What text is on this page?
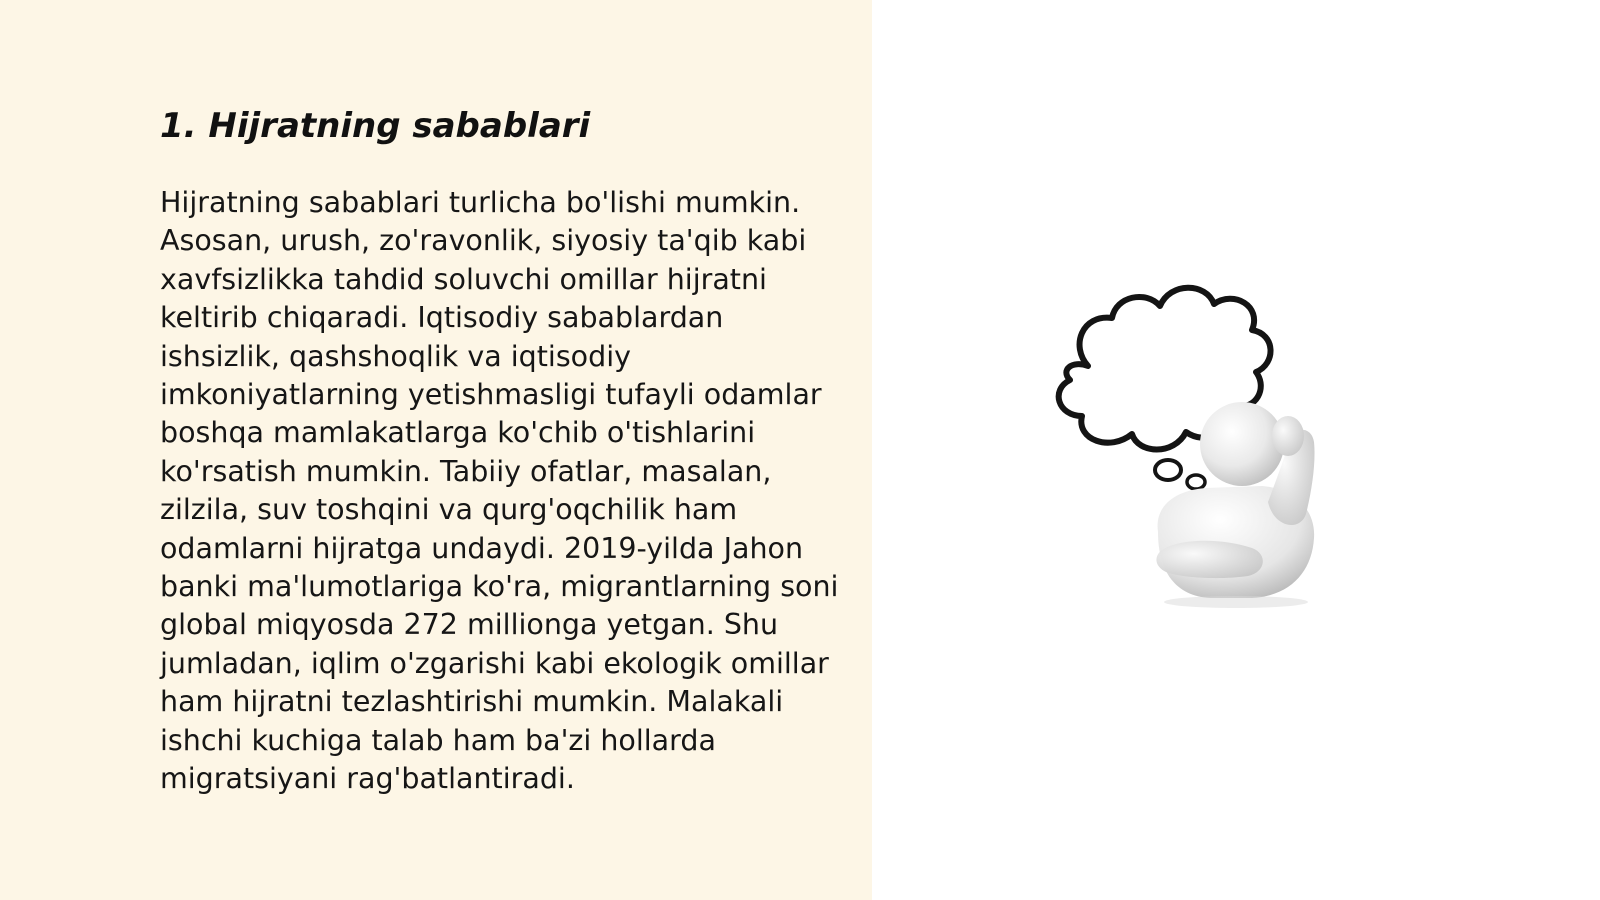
1. Hijratning sabablari

Hijratning sabablari turlicha bo'lishi mumkin. Asosan, urush, zo'ravonlik, siyosiy ta'qib kabi xavfsizlikka tahdid soluvchi omillar hijratni keltirib chiqaradi. Iqtisodiy sabablardan ishsizlik, qashshoqlik va iqtisodiy imkoniyatlarning yetishmasligi tufayli odamlar boshqa mamlakatlarga ko'chib o'tishlarini ko'rsatish mumkin. Tabiiy ofatlar, masalan, zilzila, suv toshqini va qurg'oqchilik ham odamlarni hijratga undaydi. 2019-yilda Jahon banki ma'lumotlariga ko'ra, migrantlarning soni global miqyosda 272 millionga yetgan. Shu jumladan, iqlim o'zgarishi kabi ekologik omillar ham hijratni tezlashtirishi mumkin. Malakali ishchi kuchiga talab ham ba'zi hollarda migratsiyani rag'batlantiradi.
